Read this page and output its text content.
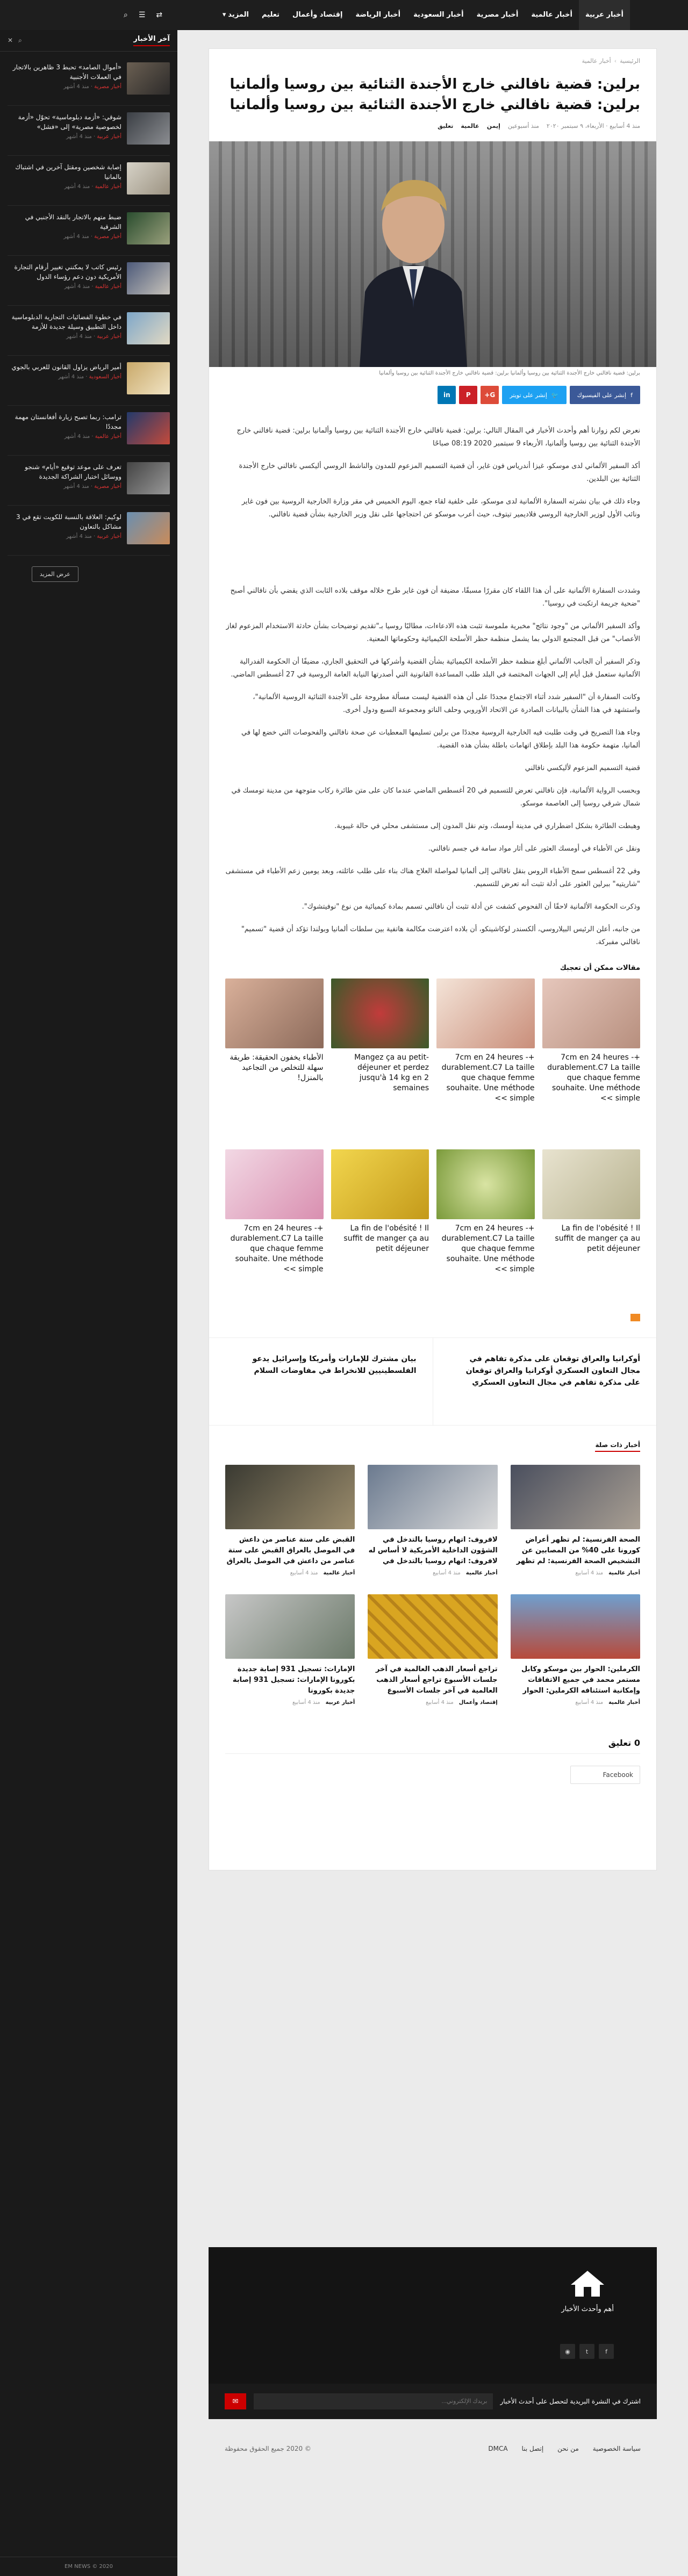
أخبار عربية
أخبار عالمية
أخبار مصرية
أخبار السعودية
أخبار الرياضة
إقتصاد وأعمال
تعليم
المزيد
▾
⇄
☰
⌕
آخر الأخبار
⌕
✕
«أموال الصامد» تحبط 3 ظاهرين بالاتجار في العملات الأجنبية
أخبار مصرية · منذ 4 أشهر
شوقي: «أزمة دبلوماسية» تحوّل «أزمة لخصوصية مصرية» إلى «فشل»
أخبار عربية · منذ 4 أشهر
إصابة شخصين ومقتل آخرين في اشتباك بالمانيا
أخبار عالمية · منذ 4 أشهر
ضبط متهم بالاتجار بالنقد الأجنبي في الشرقية
أخبار مصرية · منذ 4 أشهر
رئيس كاتب لا يمكنني تغيير أرقام التجارة الأمريكية دون دعم رؤساء الدول
أخبار عالمية · منذ 4 أشهر
في خطوة الفضائيات التجارية الدبلوماسية داخل التطبيق وسيلة جديدة للأزمة
أخبار عربية · منذ 4 أشهر
أمير الرياض يزاول القانون للعربي بالجوي
أخبار السعودية · منذ 4 أشهر
ترامب: ربما تصبح زيارة أفغانستان مهمة مجددًا
أخبار عالمية · منذ 4 أشهر
تعرف على موعد توقيع «أيام» شنجو ووسائل اختبار الشراكة الجديدة
أخبار مصرية · منذ 4 أشهر
لوكيم: العلاقة بالنسبة للكويت تقع في 3 مشاكل بالتعاون
أخبار عربية · منذ 4 أشهر
عرض المزيد
EM NEWS © 2020
الرئيسية
›
أخبار عالمية
برلين: قضية نافالني خارج الأجندة الثنائية بين روسيا وألمانيا برلين: قضية نافالني خارج الأجندة الثنائية بين روسيا وألمانيا
منذ 4 أسابيع · الأربعاء، ٩ سبتمبر ٢٠٢٠
منذ أسبوعين
إيمن
عالمية
تعليق
برلين: قضية نافالني خارج الأجندة الثنائية بين روسيا وألمانيا برلين: قضية نافالني خارج الأجندة الثنائية بين روسيا وألمانيا
f
إنشر على الفيسبوك
🐦
إنشر على تويتر
G+
P
in

نعرض لكم زوارنا أهم وأحدث الأخبار في المقال التالي: برلين: قضية نافالني خارج الأجندة الثنائية بين روسيا وألمانيا برلين: قضية نافالني خارج الأجندة الثنائية بين روسيا وألمانيا، الأربعاء 9 سبتمبر 2020 08:19 صباحًا

أكد السفير الألماني لدى موسكو، غيزا أندرياس فون غاير، أن قضية التسميم المزعوم للمدون والناشط الروسي أليكسي نافالني خارج الأجندة الثنائية بين البلدين.

وجاء ذلك في بيان نشرته السفارة الألمانية لدى موسكو، على خلفية لقاء جمع، اليوم الخميس في مقر وزارة الخارجية الروسية بين فون غاير ونائب الأول لوزير الخارجية الروسي فلاديمير تيتوف، حيث أعرب موسكو عن احتجاجها على نقل وزير الخارجية بشأن قضية نافالني.

وشددت السفارة الألمانية على أن هذا اللقاء كان مقررًا مسبقًا، مضيفة أن فون غاير طرح خلاله موقف بلاده الثابت الذي يقضي بأن نافالني أصبح "ضحية جريمة ارتكبت في روسيا".

وأكد السفير الألماني من "وجود نتائج" مخبرية ملموسة تثبت هذه الادعاءات، مطالبًا روسيا بـ"تقديم توضيحات بشأن حادثة الاستخدام المزعوم لغاز الأعصاب" من قبل المجتمع الدولي بما يشمل منظمة حظر الأسلحة الكيميائية وحكوماتها المعنية.

وذكر السفير أن الجانب الألماني أبلغ منظمة حظر الأسلحة الكيميائية بشأن القضية وأشركها في التحقيق الجاري، مضيفًا أن الحكومة الفدرالية الألمانية ستعمل قبل أيام إلى الجهات المختصة في البلد طلب المساعدة القانونية التي أصدرتها النيابة العامة الروسية في 27 أغسطس الماضي.

وكانت السفارة أن "السفير شدد أثناء الاجتماع مجددًا على أن هذه القضية ليست مسألة مطروحة على الأجندة الثنائية الروسية الألمانية"، واستشهد في هذا الشأن بالبيانات الصادرة عن الاتحاد الأوروبي وحلف الناتو ومجموعة السبع ودول أخرى.

وجاء هذا التصريح في وقت طلبت فيه الخارجية الروسية مجددًا من برلين تسليمها المعطيات عن صحة نافالني والفحوصات التي خضع لها في ألمانيا، متهمة حكومة هذا البلد بإطلاق اتهامات باطلة بشأن هذه القضية.

قضية التسميم المزعوم لأليكسي نافالني

وبحسب الرواية الألمانية، فإن نافالني تعرض للتسميم في 20 أغسطس الماضي عندما كان على متن طائرة ركاب متوجهة من مدينة تومسك في شمال شرقي روسيا إلى العاصمة موسكو.

وهبطت الطائرة بشكل اضطراري في مدينة أومسك، وتم نقل المدون إلى مستشفى محلي في حالة غيبوبة.

ونقل عن الأطباء في أومسك العثور على أثار مواد سامة في جسم نافالني.

وفي 22 أغسطس سمح الأطباء الروس بنقل نافالني إلى ألمانيا لمواصلة العلاج هناك بناء على طلب عائلته، وبعد يومين زعم الأطباء في مستشفى "شاريتيه" ببرلين العثور على أدلة تثبت أنه تعرض للتسميم.

وذكرت الحكومة الألمانية لاحقًا أن الفحوص كشفت عن أدلة تثبت أن نافالني تسمم بمادة كيميائية من نوع "نوفيتشوك".

من جانبه، أعلن الرئيس البيلاروسي، ألكسندر لوكاشينكو، أن بلاده اعترضت مكالمة هاتفية بين سلطات ألمانيا وبولندا تؤكد أن قضية "تسميم" نافالني مفبركة.

مقالات ممكن أن تعجبك
+7cm en 24 heures - durablement.C7 La taille que chaque femme souhaite. Une méthode simple >>
+7cm en 24 heures - durablement.C7 La taille que chaque femme souhaite. Une méthode simple >>
Mangez ça au petit-déjeuner et perdez jusqu'à 14 kg en 2 semaines
الأطباء يخفون الحقيقة: طريقة سهلة للتخلص من التجاعيد بالمنزل!
La fin de l'obésité ! Il suffit de manger ça au petit déjeuner
+7cm en 24 heures - durablement.C7 La taille que chaque femme souhaite. Une méthode simple >>
La fin de l'obésité ! Il suffit de manger ça au petit déjeuner
+7cm en 24 heures - durablement.C7 La taille que chaque femme souhaite. Une méthode simple >>
أوكرانيا والعراق توقعان على مذكرة تفاهم في مجال التعاون العسكري أوكرانيا والعراق توقعان على مذكرة تفاهم في مجال التعاون العسكري
بيان مشترك للإمارات وأمريكا وإسرائيل يدعو الفلسطينيين للانخراط في مفاوضات السلام
أخبار ذات صلة
الصحة الفرنسية: لم تظهر أعراض كورونا على 40% من المصابين عن التشخيص الصحة الفرنسية: لم تظهر
أخبار عالمية
منذ 4 أسابيع
لافروف: اتهام روسيا بالتدخل في الشؤون الداخلية الأمريكية لا أساس له لافروف: اتهام روسيا بالتدخل في
أخبار عالمية
منذ 4 أسابيع
القبض على ستة عناصر من داعش في الموصل بالعراق القبض على ستة عناصر من داعش في الموصل بالعراق
أخبار عالمية
منذ 4 أسابيع
الكرملين: الحوار بين موسكو وكابل مستمر محمد في جميع الاتفاقات وإمكانية استئنافه الكرملين: الحوار
أخبار عالمية
منذ 4 أسابيع
تراجع أسعار الذهب العالمية في آخر جلسات الأسبوع تراجع أسعار الذهب العالمية في آخر جلسات الأسبوع
إقتصاد وأعمال
منذ 4 أسابيع
الإمارات: تسجيل 931 إصابة جديدة بكورونا الإمارات: تسجيل 931 إصابة جديدة بكورونا
أخبار عربية
منذ 4 أسابيع
0 تعليق
Facebook
أهم وأحدث الأخبار
f
t
◉
اشترك في النشرة البريدية لتحصل على أحدث الأخبار
بريدك الإلكتروني...
✉
سياسة الخصوصية
من نحن
إتصل بنا
DMCA
© 2020 جميع الحقوق محفوظة
